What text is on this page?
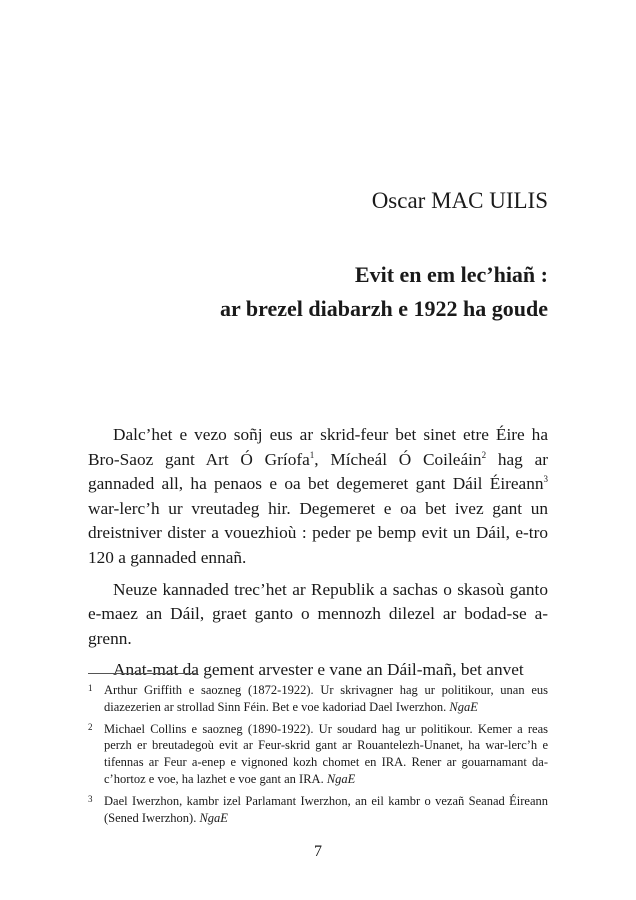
Oscar MAC UILIS
Evit en em lec’hiañ :
ar brezel diabarzh e 1922 ha goude

Dalc’het e vezo soñj eus ar skrid-feur bet sinet etre Éire ha Bro-Saoz gant Art Ó Gríofa$^1$, Mícheál Ó Coileáin$^2$ hag ar gannaded all, ha penaos e oa bet degemeret gant Dáil Éireann$^3$ war-lerc’h ur vreutadeg hir. Degemeret e oa bet ivez gant un dreistniver dister a vouezhioù : peder pe bemp evit un Dáil, e-tro 120 a gannaded ennañ.

Neuze kannaded trec’het ar Republik a sachas o skasoù ganto e-maez an Dáil, graet ganto o mennozh dilezel ar bodad-se a-grenn.

Anat-mat da gement arvester e vane an Dáil-mañ, bet anvet

1 Arthur Griffith e saozneg (1872-1922). Ur skrivagner hag ur politikour, unan eus diazezerien ar strollad Sinn Féin. Bet e voe kadoriad Dael Iwerzhon. NgaE
2 Michael Collins e saozneg (1890-1922). Ur soudard hag ur politikour. Kemer a reas perzh er breutadegoù evit ar Feur-skrid gant ar Rouantelezh-Unanet, ha war-lerc’h e tifennas ar Feur a-enep e vignoned kozh chomet en IRA. Rener ar gouarnamant da-c’hortoz e voe, ha lazhet e voe gant an IRA. NgaE
3 Dael Iwerzhon, kambr izel Parlamant Iwerzhon, an eil kambr o vezañ Seanad Éireann (Sened Iwerzhon). NgaE

7
